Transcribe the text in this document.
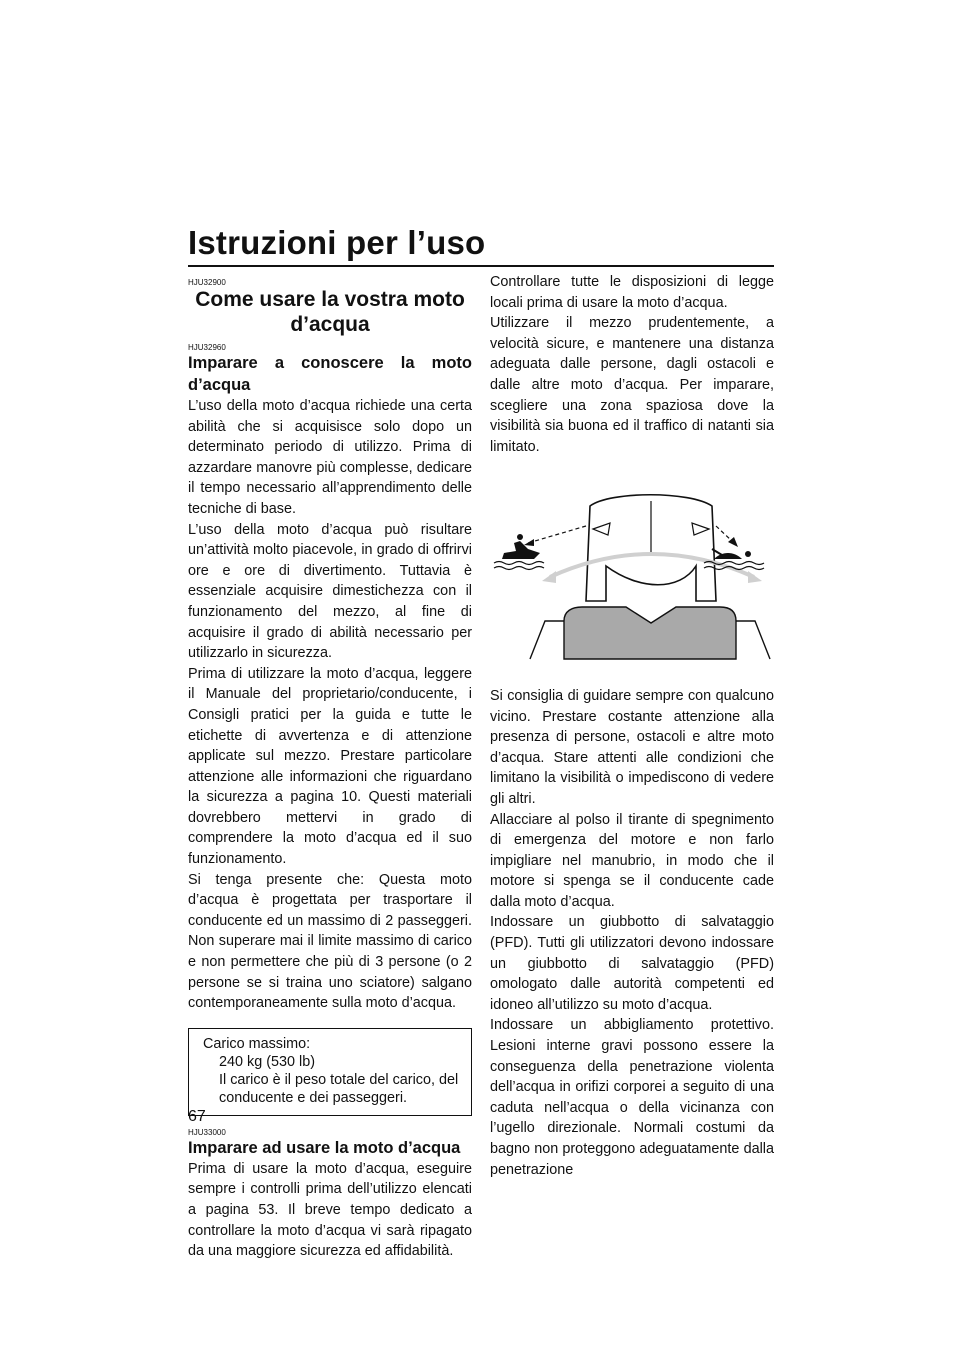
Istruzioni per l’uso
HJU32900
Come usare la vostra moto
d’acqua
HJU32960
Imparare a conoscere la moto d’acqua

L’uso della moto d’acqua richiede una certa abilità che si acquisisce solo dopo un determinato periodo di utilizzo. Prima di azzardare manovre più complesse, dedicare il tempo necessario all’apprendimento delle tecniche di base.

L’uso della moto d’acqua può risultare un’attività molto piacevole, in grado di offrirvi ore e ore di divertimento. Tuttavia è essenziale acquisire dimestichezza con il funzionamento del mezzo, al fine di acquisire il grado di abilità necessario per utilizzarlo in sicurezza.

Prima di utilizzare la moto d’acqua, leggere il Manuale del proprietario/conducente, i Consigli pratici per la guida e tutte le etichette di avvertenza e di attenzione applicate sul mezzo. Prestare particolare attenzione alle informazioni che riguardano la sicurezza a pagina 10. Questi materiali dovrebbero mettervi in grado di comprendere la moto d’acqua ed il suo funzionamento.

Si tenga presente che: Questa moto d’acqua è progettata per trasportare il conducente ed un massimo di 2 passeggeri. Non superare mai il limite massimo di carico e non permettere che più di 3 persone (o 2 persone se si traina uno sciatore) salgano contemporaneamente sulla moto d’acqua.

Carico massimo:
240 kg (530 lb)
Il carico è il peso totale del carico, del conducente e dei passeggeri.
HJU33000
Imparare ad usare la moto d’acqua

Prima di usare la moto d’acqua, eseguire sempre i controlli prima dell’utilizzo elencati a pagina 53. Il breve tempo dedicato a controllare la moto d’acqua vi sarà ripagato da una maggiore sicurezza ed affidabilità.

Controllare tutte le disposizioni di legge locali prima di usare la moto d’acqua.

Utilizzare il mezzo prudentemente, a velocità sicure, e mantenere una distanza adeguata dalle persone, dagli ostacoli e dalle altre moto d’acqua. Per imparare, scegliere una zona spaziosa dove la visibilità sia buona ed il traffico di natanti sia limitato.

Si consiglia di guidare sempre con qualcuno vicino. Prestare costante attenzione alla presenza di persone, ostacoli e altre moto d’acqua. Stare attenti alle condizioni che limitano la visibilità o impediscono di vedere gli altri.

Allacciare al polso il tirante di spegnimento di emergenza del motore e non farlo impigliare nel manubrio, in modo che il motore si spenga se il conducente cade dalla moto d’acqua.

Indossare un giubbotto di salvataggio (PFD). Tutti gli utilizzatori devono indossare un giubbotto di salvataggio (PFD) omologato dalle autorità competenti ed idoneo all’utilizzo su moto d’acqua.

Indossare un abbigliamento protettivo. Lesioni interne gravi possono essere la conseguenza della penetrazione violenta dell’acqua in orifizi corporei a seguito di una caduta nell’acqua o della vicinanza con l’ugello direzionale. Normali costumi da bagno non proteggono adeguatamente dalla penetrazione

67
